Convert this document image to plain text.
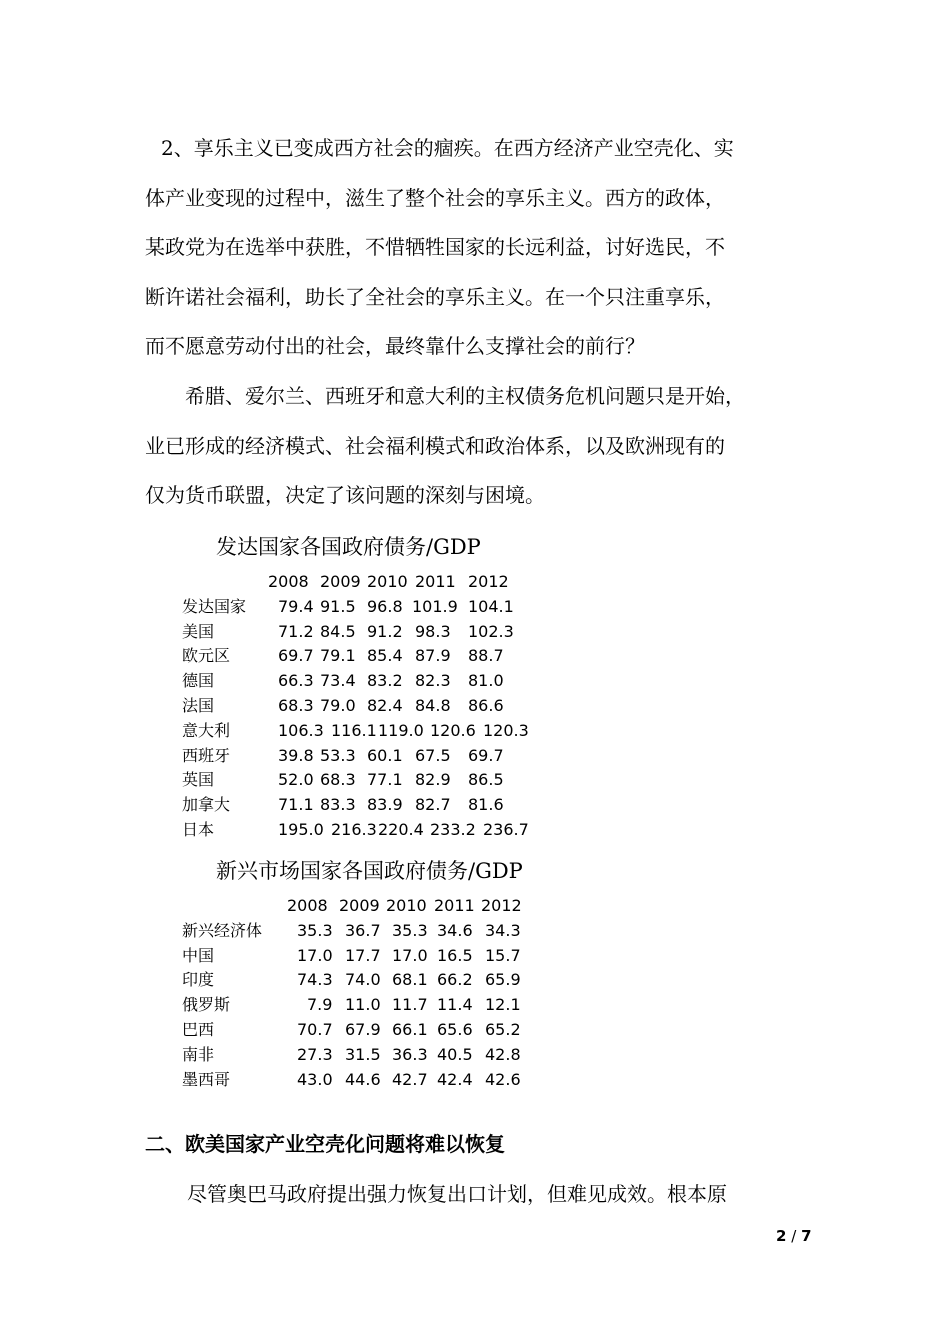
2、享乐主义已变成西方社会的痼疾。在西方经济产业空壳化、实
体产业变现的过程中，滋生了整个社会的享乐主义。西方的政体，
某政党为在选举中获胜，不惜牺牲国家的长远利益，讨好选民，不
断许诺社会福利，助长了全社会的享乐主义。在一个只注重享乐，
而不愿意劳动付出的社会，最终靠什么支撑社会的前行？
希腊、爱尔兰、西班牙和意大利的主权债务危机问题只是开始，
业已形成的经济模式、社会福利模式和政治体系，以及欧洲现有的
仅为货币联盟，决定了该问题的深刻与困境。
发达国家各国政府债务/GDP
2008 2009 2010 2011 2012
发达国家 79.4 91.5 96.8 101.9 104.1
美国	71.2 84.5 91.2 98.3 102.3
欧元区	69.7 79.1 85.4 87.9 88.7
德国	66.3 73.4 83.2 82.3 81.0
法国	68.3 79.0 82.4 84.8 86.6
意大利	106.3 116.1 119.0 120.6 120.3
西班牙	39.8 53.3 60.1 67.5 69.7
英国	52.0 68.3 77.1 82.9 86.5
加拿大	71.1 83.3 83.9 82.7 81.6
日本	195.0 216.3 220.4 233.2 236.7
新兴市场国家各国政府债务/GDP
2008 2009 2010 2011 2012
新兴经济体 35.3 36.7 35.3 34.6 34.3
中国	17.0 17.7 17.0 16.5 15.7
印度	74.3 74.0 68.1 66.2 65.9
俄罗斯	7.9 11.0 11.7 11.4 12.1
巴西	70.7 67.9 66.1 65.6 65.2
南非	27.3 31.5 36.3 40.5 42.8
墨西哥	43.0 44.6 42.7 42.4 42.6
二、欧美国家产业空壳化问题将难以恢复
尽管奥巴马政府提出强力恢复出口计划，但难见成效。根本原
2 / 7
